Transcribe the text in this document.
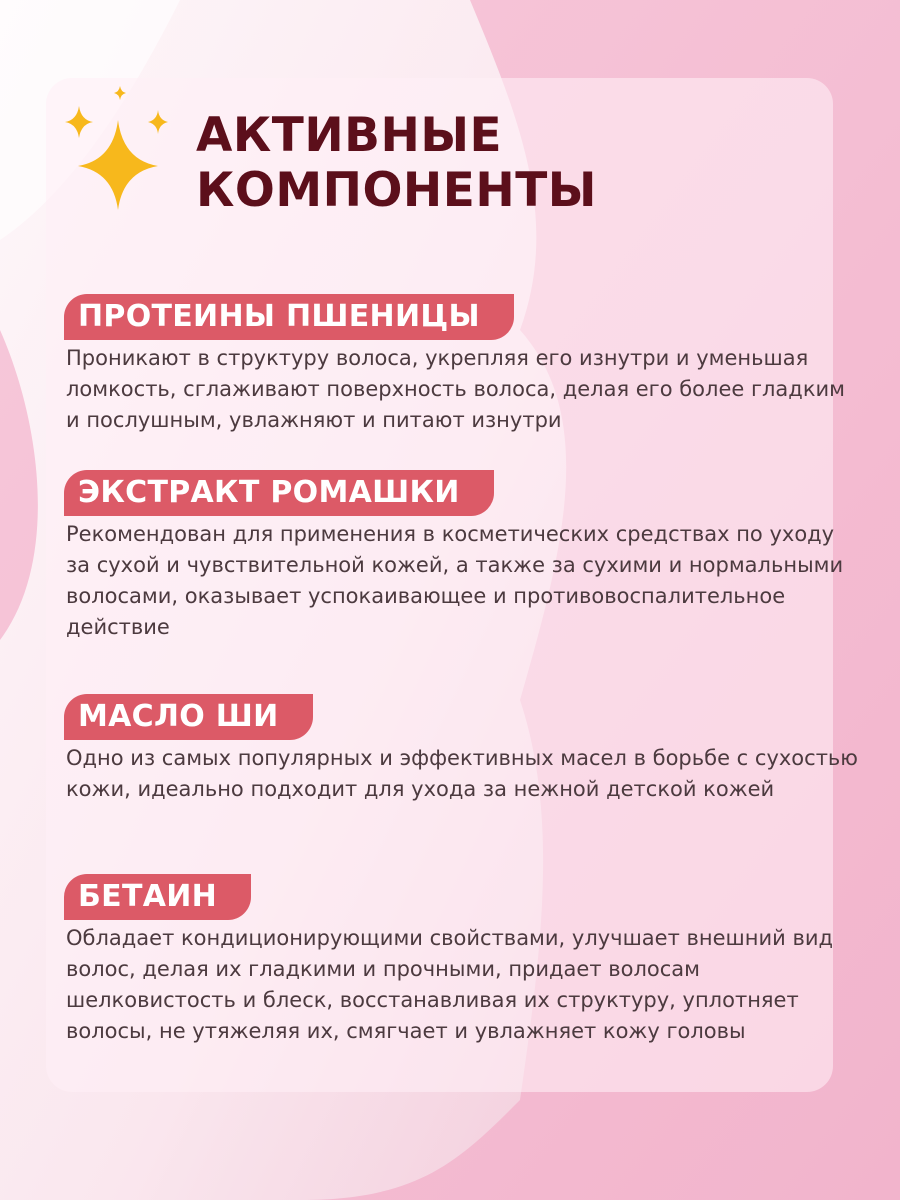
АКТИВНЫЕ
КОМПОНЕНТЫ
ПРОТЕИНЫ ПШЕНИЦЫ

Проникают в структуру волоса, укрепляя его изнутри и уменьшая ломкость, сглаживают поверхность волоса, делая его более гладким и послушным, увлажняют и питают изнутри

ЭКСТРАКТ РОМАШКИ

Рекомендован для применения в косметических средствах по уходу за сухой и чувствительной кожей, а также за сухими и нормальными волосами, оказывает успокаивающее и противовоспалительное действие

МАСЛО ШИ

Одно из самых популярных и эффективных масел в борьбе с сухостью кожи, идеально подходит для ухода за нежной детской кожей

БЕТАИН

Обладает кондиционирующими свойствами, улучшает внешний вид волос, делая их гладкими и прочными, придает волосам шелковистость и блеск, восстанавливая их структуру, уплотняет волосы, не утяжеляя их, смягчает и увлажняет кожу головы
